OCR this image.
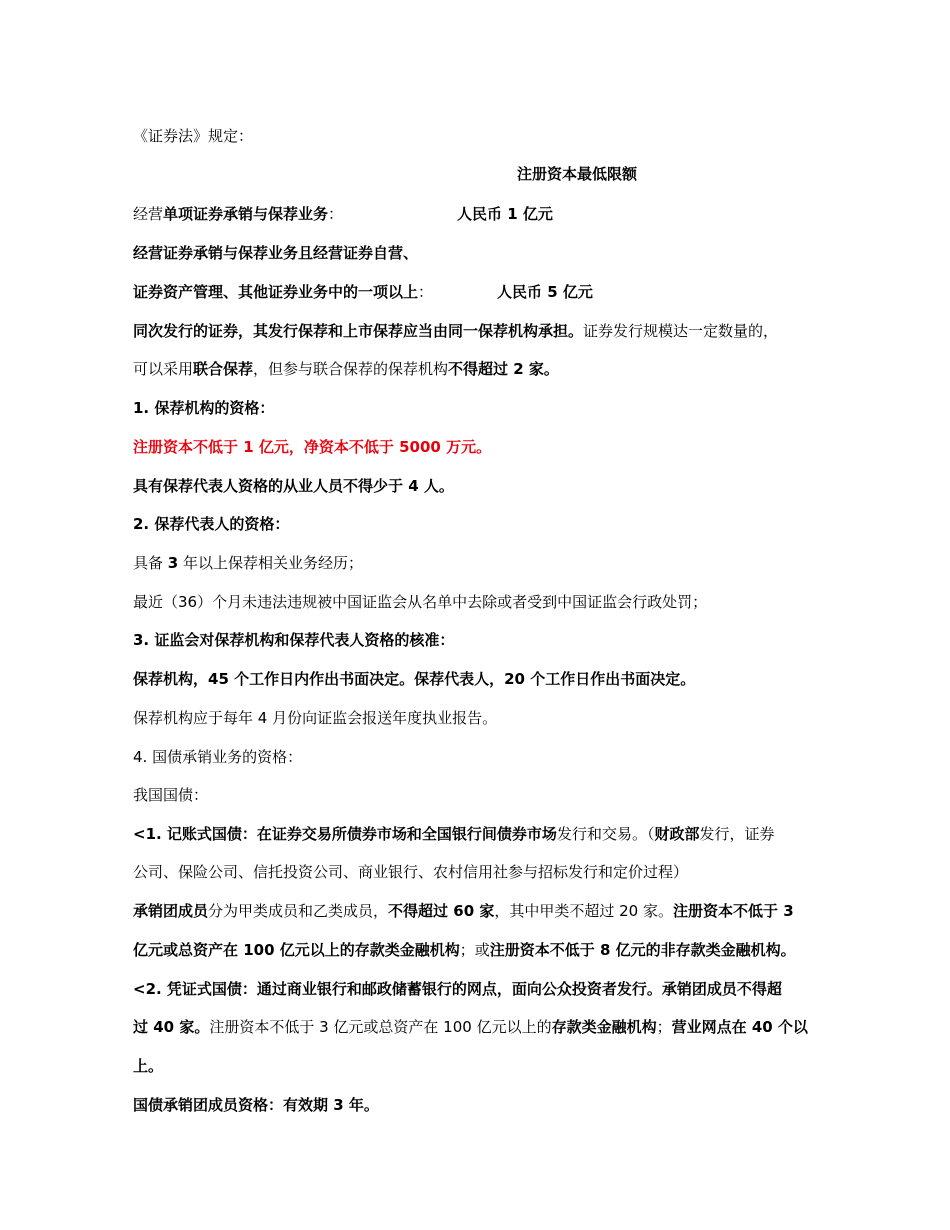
《证券法》规定：
注册资本最低限额
经营单项证券承销与保荐业务：	人民币 1 亿元
经营证券承销与保荐业务且经营证券自营、
证券资产管理、其他证券业务中的一项以上：	人民币 5 亿元
同次发行的证券，其发行保荐和上市保荐应当由同一保荐机构承担。证券发行规模达一定数量的，
可以采用联合保荐，但参与联合保荐的保荐机构不得超过 2 家。
1. 保荐机构的资格：
注册资本不低于 1 亿元，净资本不低于 5000 万元。
具有保荐代表人资格的从业人员不得少于 4 人。
2. 保荐代表人的资格：
具备 3 年以上保荐相关业务经历；
最近（36）个月未违法违规被中国证监会从名单中去除或者受到中国证监会行政处罚；
3. 证监会对保荐机构和保荐代表人资格的核准：
保荐机构，45 个工作日内作出书面决定。保荐代表人，20 个工作日作出书面决定。
保荐机构应于每年 4 月份向证监会报送年度执业报告。
4. 国债承销业务的资格：
我国国债：
<1. 记账式国债：在证券交易所债券市场和全国银行间债券市场发行和交易。（财政部发行，证券
公司、保险公司、信托投资公司、商业银行、农村信用社参与招标发行和定价过程）
承销团成员分为甲类成员和乙类成员，不得超过 60 家，其中甲类不超过 20 家。注册资本不低于 3
亿元或总资产在 100 亿元以上的存款类金融机构；或注册资本不低于 8 亿元的非存款类金融机构。
<2. 凭证式国债：通过商业银行和邮政储蓄银行的网点，面向公众投资者发行。承销团成员不得超
过 40 家。注册资本不低于 3 亿元或总资产在 100 亿元以上的存款类金融机构；营业网点在 40 个以
上。
国债承销团成员资格：有效期 3 年。
